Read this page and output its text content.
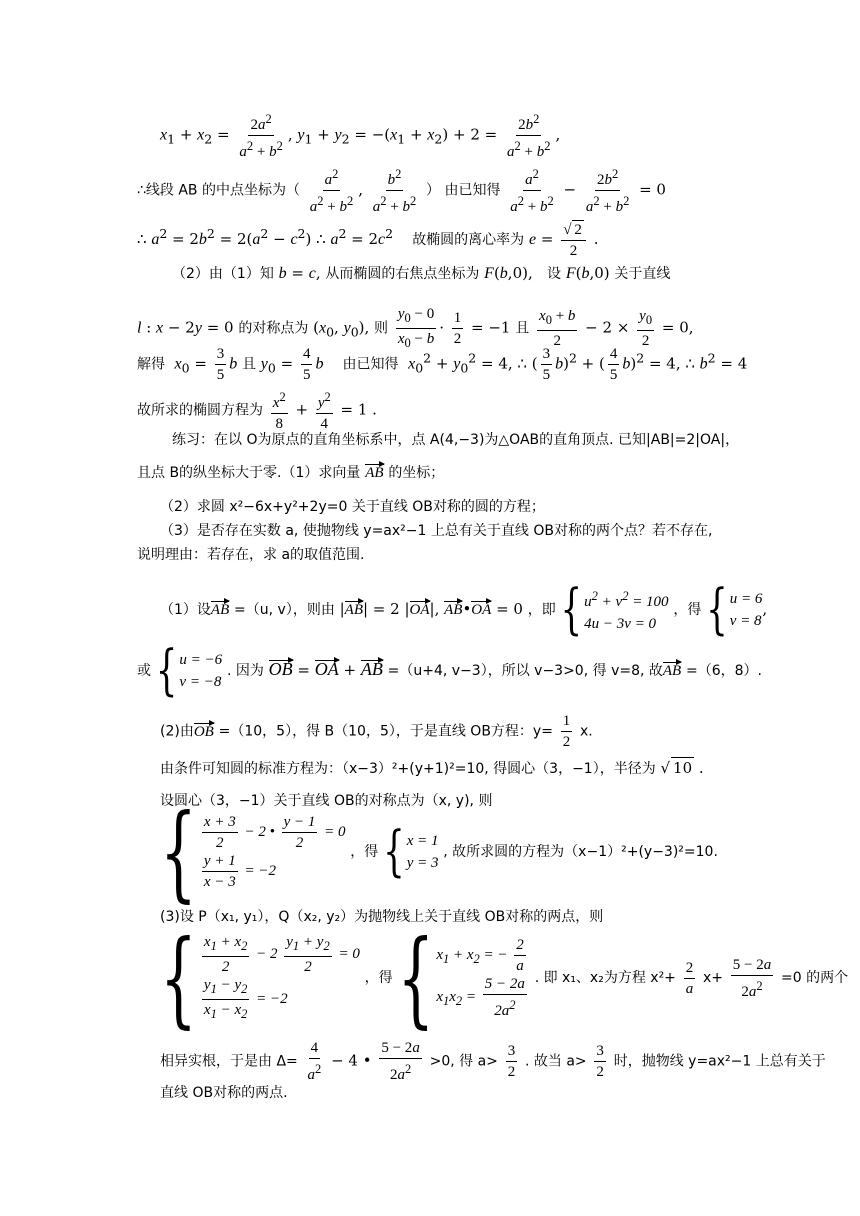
$x_1 + x_2 = \frac{2a^2}{a^2 + b^2}$ , $y_1 + y_2 = -(x_1 + x_2) + 2 = \frac{2b^2}{a^2 + b^2}$ ,
∴线段 AB 的中点坐标为（ $\frac{a^2}{a^2 + b^2}$ , $\frac{b^2}{a^2 + b^2}$ ） 由已知得 $\frac{a^2}{a^2 + b^2} - \frac{2b^2}{a^2 + b^2} = 0$
∴ $a^2 = 2b^2 = 2(a^2 - c^2)$ ∴ $a^2 = 2c^2$ 故椭圆的离心率为 $e = \frac{√ 2}{2}$ .
（2）由（1）知 b = c, 从而椭圆的右焦点坐标为 F(b,0),   设 F(b,0) 关于直线
l : x − 2y = 0 的对称点为 ($x_0$, $y_0$), 则 $\frac{y_0 - 0}{x_0 - b} \cdot \frac{1}{2} = -1$ 且 $\frac{x_0 + b}{2} - 2 \times \frac{y_0}{2} = 0$,
解得 $x_0 = \frac{3}{5}$ b 且 $y_0 = \frac{4}{5}$ b 由已知得 $x_0^2 + y_0^2 = 4$, ∴ ( $\frac{3}{5} b)^2$ + ( $\frac{4}{5} b)^2 = 4$, ∴ $b^2 = 4$
故所求的椭圆方程为 $\frac{x^2}{8} + \frac{y^2}{4} = 1$ .
练习：在以 O为原点的直角坐标系中，点 A(4,−3)为△OAB的直角顶点. 已知|AB|=2|OA|，
且点 B的纵坐标大于零.（1）求向量 AB 的坐标；
（2）求圆 x²−6x+y²+2y=0 关于直线 OB对称的圆的方程；
（3）是否存在实数 a, 使抛物线 y=ax²−1 上总有关于直线 OB对称的两个点？若不存在,
说明理由：若存在，求 a的取值范围.
（1）设AB =（u, v），则由 |AB| = 2 |OA|, AB•OA = 0 ，即 { $u^2 + v^2 = 100$
4u − 3v = 0
，得 { u = 6
v = 8
,
或 { u = −6
v = −8
. 因为 OB = OA + AB =（u+4, v−3），所以 v−3>0, 得 v=8, 故AB =（6，8）.
(2)由OB =（10，5），得 B（10，5），于是直线 OB方程：$y= \frac{1}{2} x$.
由条件可知圆的标准方程为：（x−3）²+(y+1)²=10, 得圆心（3，−1），半径为 √ 10 .
设圆心（3，−1）关于直线 OB的对称点为（x, y), 则
{ $\frac{x + 3}{2} - 2$ • $\frac{y - 1}{2} = 0$
$\frac{y + 1}{x - 3} = -2$
，得 { x = 1
y = 3
, 故所求圆的方程为（x−1）²+(y−3)²=10.
(3)设 P（x₁, y₁），Q（x₂, y₂）为抛物线上关于直线 OB对称的两点，则
{ $\frac{x_1 + x_2}{2} - 2 \frac{y_1 + y_2}{2} = 0$
$\frac{y_1 - y_2}{x_1 - x_2} = -2$
，得 { $x_1 + x_2$ = − $\frac{2}{a}$
$x_1x_2 = \frac{5 - 2a}{2a^2}$ . 即 x₁、x₂为方程 $x^2+ \frac{2}{a} x+ \frac{5 - 2a}{2a^2} =0$ 的两个
相异实根，于是由 $\Delta= \frac{4}{a^2} - 4$ • $\frac{5 - 2a}{2a^2} >0$, 得 $a> \frac{3}{2}$ . 故当 $a> \frac{3}{2}$ 时，抛物线 y=ax²−1 上总有关于
直线 OB对称的两点.
